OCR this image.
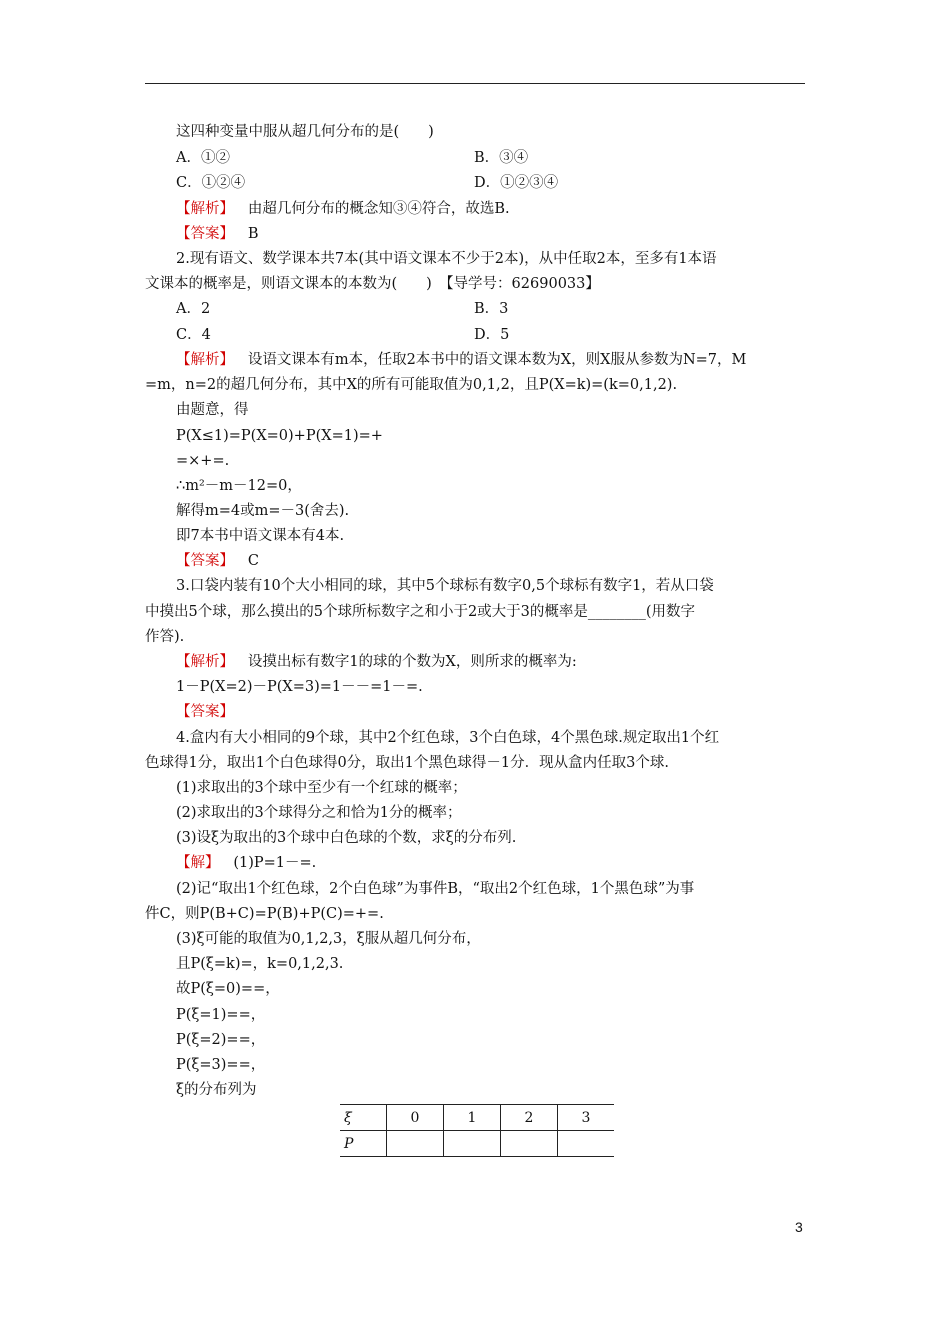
这四种变量中服从超几何分布的是(　　)
A．①②	B．③④
C．①②④	D．①②③④
【解析】 由超几何分布的概念知③④符合，故选B.
【答案】 B
2.现有语文、数学课本共7本(其中语文课本不少于2本)，从中任取2本，至多有1本语
文课本的概率是，则语文课本的本数为(　　)　【导学号：62690033】
A．2	B．3
C．4	D．5
【解析】 设语文课本有m本，任取2本书中的语文课本数为X，则X服从参数为N=7，M
=m，n=2的超几何分布，其中X的所有可能取值为0,1,2，且P(X=k)=(k=0,1,2).
由题意，得
P(X≤1)=P(X=0)+P(X=1)=+
=×+=.
∴m²－m－12=0，
解得m=4或m=－3(舍去).
即7本书中语文课本有4本.
【答案】 C
3.口袋内装有10个大小相同的球，其中5个球标有数字0,5个球标有数字1，若从口袋
中摸出5个球，那么摸出的5个球所标数字之和小于2或大于3的概率是________(用数字
作答).
【解析】 设摸出标有数字1的球的个数为X，则所求的概率为:
1－P(X=2)－P(X=3)=1－－=1－=.
【答案】
4.盒内有大小相同的9个球，其中2个红色球，3个白色球，4个黑色球.规定取出1个红
色球得1分，取出1个白色球得0分，取出1个黑色球得－1分．现从盒内任取3个球.
(1)求取出的3个球中至少有一个红球的概率；
(2)求取出的3个球得分之和恰为1分的概率；
(3)设ξ为取出的3个球中白色球的个数，求ξ的分布列.
【解】 (1)P=1－=.
(2)记“取出1个红色球，2个白色球”为事件B，“取出2个红色球，1个黑色球”为事
件C，则P(B+C)=P(B)+P(C)=+=.
(3)ξ可能的取值为0,1,2,3，ξ服从超几何分布，
且P(ξ=k)=，k=0,1,2,3.
故P(ξ=0)==，
P(ξ=1)==，
P(ξ=2)==，
P(ξ=3)==，
ξ的分布列为
ξ	0	1	2	3
P				
3
